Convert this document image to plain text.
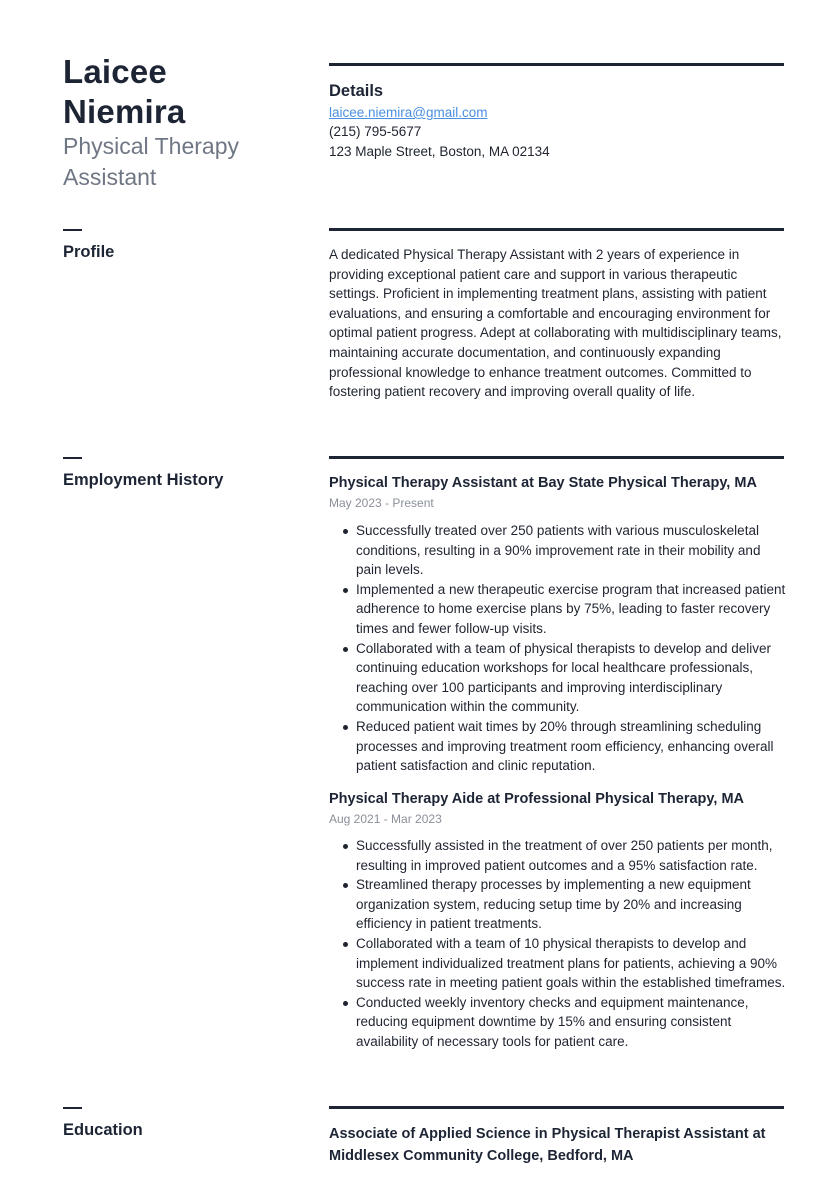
Laicee Niemira
Physical Therapy Assistant
Details
laicee.niemira@gmail.com
(215) 795-5677
123 Maple Street, Boston, MA 02134
Profile	A dedicated Physical Therapy Assistant with 2 years of experience in providing exceptional patient care and support in various therapeutic settings. Proficient in implementing treatment plans, assisting with patient evaluations, and ensuring a comfortable and encouraging environment for optimal patient progress. Adept at collaborating with multidisciplinary teams, maintaining accurate documentation, and continuously expanding professional knowledge to enhance treatment outcomes. Committed to fostering patient recovery and improving overall quality of life.
Employment History	Physical Therapy Assistant at Bay State Physical Therapy, MA
May 2023 - Present
Successfully treated over 250 patients with various musculoskeletal conditions, resulting in a 90% improvement rate in their mobility and pain levels.
Implemented a new therapeutic exercise program that increased patient adherence to home exercise plans by 75%, leading to faster recovery times and fewer follow-up visits.
Collaborated with a team of physical therapists to develop and deliver continuing education workshops for local healthcare professionals, reaching over 100 participants and improving interdisciplinary communication within the community.
Reduced patient wait times by 20% through streamlining scheduling processes and improving treatment room efficiency, enhancing overall patient satisfaction and clinic reputation.
Physical Therapy Aide at Professional Physical Therapy, MA
Aug 2021 - Mar 2023
Successfully assisted in the treatment of over 250 patients per month, resulting in improved patient outcomes and a 95% satisfaction rate.
Streamlined therapy processes by implementing a new equipment organization system, reducing setup time by 20% and increasing efficiency in patient treatments.
Collaborated with a team of 10 physical therapists to develop and implement individualized treatment plans for patients, achieving a 90% success rate in meeting patient goals within the established timeframes.
Conducted weekly inventory checks and equipment maintenance, reducing equipment downtime by 15% and ensuring consistent availability of necessary tools for patient care.
Education	Associate of Applied Science in Physical Therapist Assistant at Middlesex Community College, Bedford, MA
